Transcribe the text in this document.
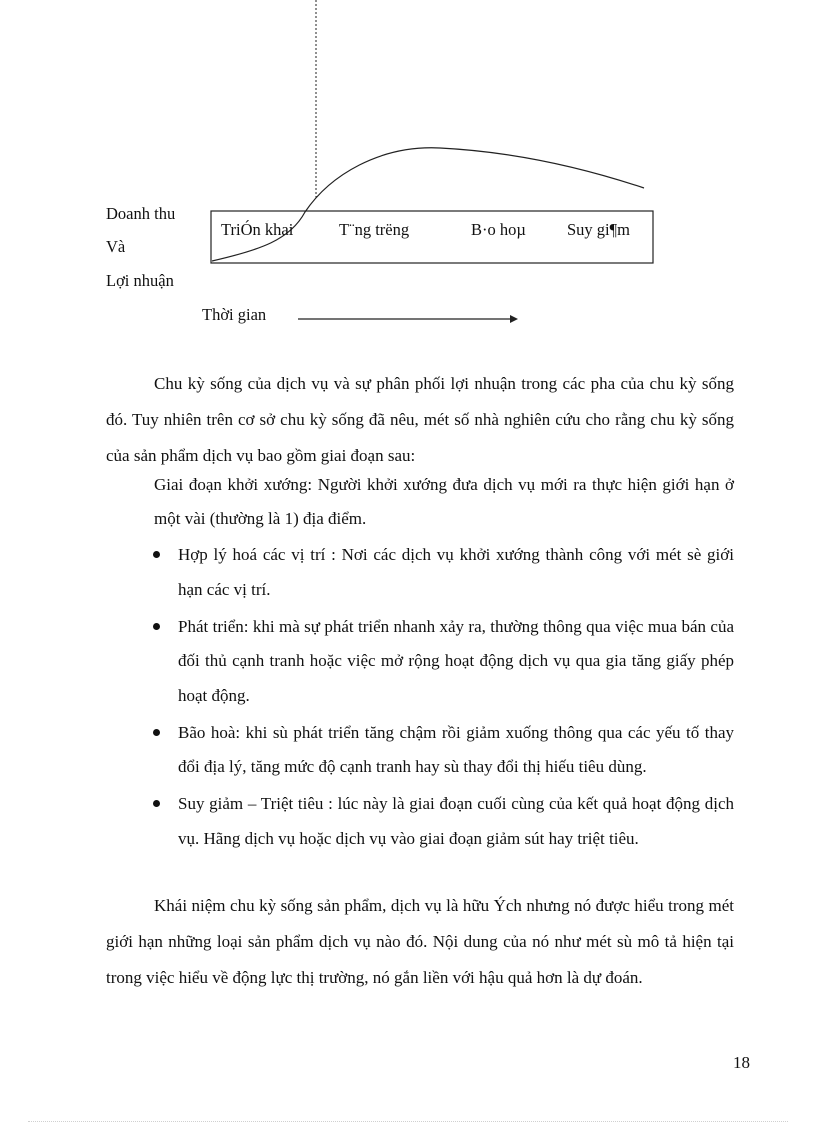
Doanh thu
Và
Lợi nhuận
TriÓn khai	T¨ng trëng	B·o hoµ Suy gi¶m
Thời gian
Chu kỳ sống của dịch vụ và sự phân phối lợi nhuận trong các pha của chu kỳ sống đó. Tuy nhiên trên cơ sở chu kỳ sống đã nêu, mét số nhà nghiên cứu cho rằng chu kỳ sống của sản phẩm dịch vụ bao gồm giai đoạn sau:
Giai đoạn khởi xướng: Người khởi xướng đưa dịch vụ mới ra thực hiện giới hạn ở một vài (thường là 1) địa điểm.
Hợp lý hoá các vị trí : Nơi các dịch vụ khởi xướng thành công với mét sè giới hạn các vị trí.
Phát triển: khi mà sự phát triển nhanh xảy ra, thường thông qua việc mua bán của đối thủ cạnh tranh hoặc việc mở rộng hoạt động dịch vụ qua gia tăng giấy phép hoạt động.
Bão hoà: khi sù phát triển tăng chậm rồi giảm xuống thông qua các yếu tố thay đổi địa lý, tăng mức độ cạnh tranh hay sù thay đổi thị hiếu tiêu dùng.
Suy giảm – Triệt tiêu : lúc này là giai đoạn cuối cùng của kết quả hoạt động dịch vụ. Hãng dịch vụ hoặc dịch vụ vào giai đoạn giảm sút hay triệt tiêu.
Khái niệm chu kỳ sống sản phẩm, dịch vụ là hữu Ých nhưng nó được hiểu trong mét giới hạn những loại sản phẩm dịch vụ nào đó. Nội dung của nó như mét sù mô tả hiện tại trong việc hiểu về động lực thị trường, nó gắn liền với hậu quả hơn là dự đoán.
18
